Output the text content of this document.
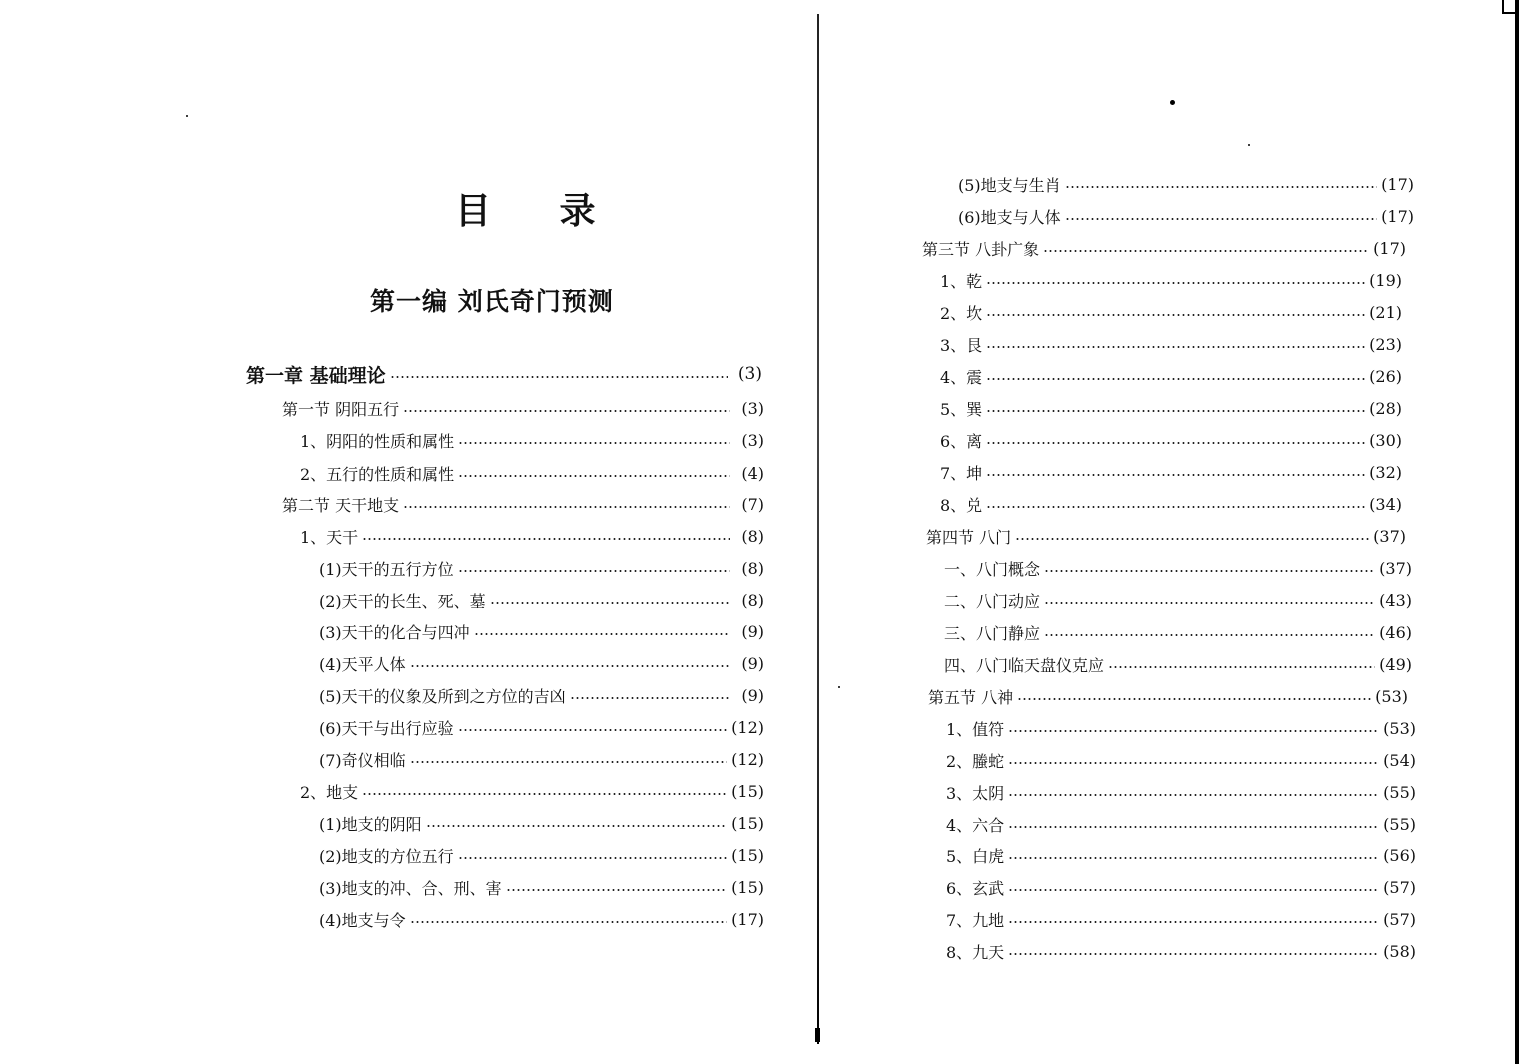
目 录
第一编 刘氏奇门预测
第一章 基础理论	(3)
第一节 阴阳五行	(3)
1、阴阳的性质和属性	(3)
2、五行的性质和属性	(4)
第二节 天干地支	(7)
1、天干	(8)
(1)天干的五行方位	(8)
(2)天干的长生、死、墓	(8)
(3)天干的化合与四冲	(9)
(4)天平人体	(9)
(5)天干的仪象及所到之方位的吉凶	(9)
(6)天干与出行应验	(12)
(7)奇仪相临	(12)
2、地支	(15)
(1)地支的阴阳	(15)
(2)地支的方位五行	(15)
(3)地支的冲、合、刑、害	(15)
(4)地支与令	(17)
(5)地支与生肖	(17)
(6)地支与人体	(17)
第三节 八卦广象	(17)
1、乾	(19)
2、坎	(21)
3、艮	(23)
4、震	(26)
5、巽	(28)
6、离	(30)
7、坤	(32)
8、兑	(34)
第四节 八门	(37)
一、八门概念	(37)
二、八门动应	(43)
三、八门静应	(46)
四、八门临天盘仪克应	(49)
第五节 八神	(53)
1、值符	(53)
2、螣蛇	(54)
3、太阴	(55)
4、六合	(55)
5、白虎	(56)
6、玄武	(57)
7、九地	(57)
8、九天	(58)
